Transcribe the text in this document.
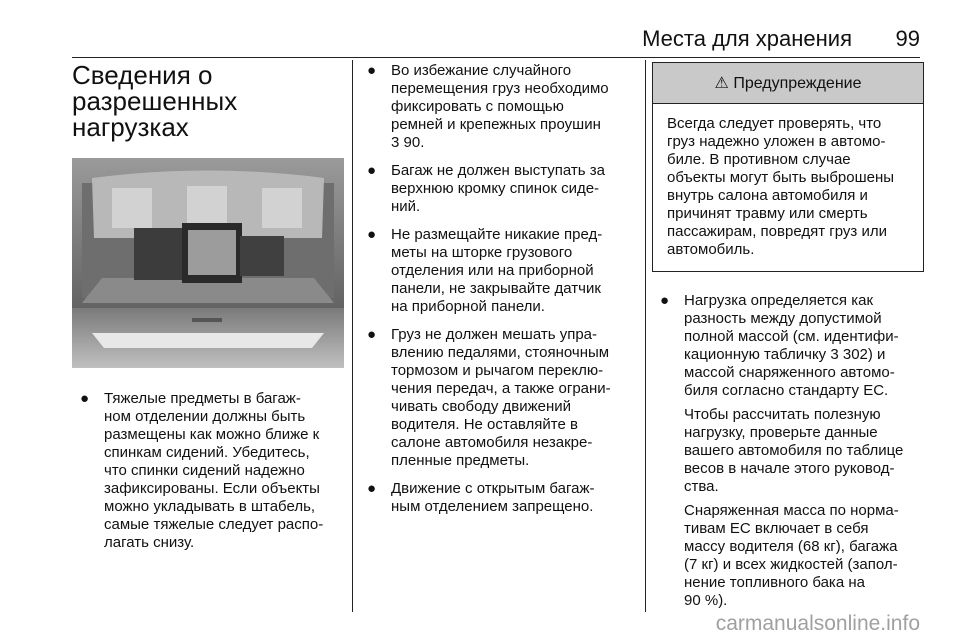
Места для хранения 99
Сведения о
разрешенных
нагрузках
● Тяжелые предметы в багаж-
ном отделении должны быть
размещены как можно ближе к
спинкам сидений. Убедитесь,
что спинки сидений надежно
зафиксированы. Если объекты
можно укладывать в штабель,
самые тяжелые следует распо-
лагать снизу.
● Во избежание случайного
перемещения груз необходимо
фиксировать с помощью
ремней и крепежных проушин
3 90.
● Багаж не должен выступать за
верхнюю кромку спинок сиде-
ний.
● Не размещайте никакие пред-
меты на шторке грузового
отделения или на приборной
панели, не закрывайте датчик
на приборной панели.
● Груз не должен мешать упра-
влению педалями, стояночным
тормозом и рычагом переклю-
чения передач, а также ограни-
чивать свободу движений
водителя. Не оставляйте в
салоне автомобиля незакре-
пленные предметы.
● Движение с открытым багаж-
ным отделением запрещено.
⚠ Предупреждение
Всегда следует проверять, что
груз надежно уложен в автомо-
биле. В противном случае
объекты могут быть выброшены
внутрь салона автомобиля и
причинят травму или смерть
пассажирам, повредят груз или
автомобиль.
● Нагрузка определяется как
разность между допустимой
полной массой (см. идентифи-
кационную табличку 3 302) и
массой снаряженного автомо-
биля согласно стандарту ЕС.
Чтобы рассчитать полезную
нагрузку, проверьте данные
вашего автомобиля по таблице
весов в начале этого руковод-
ства.
Снаряженная масса по норма-
тивам ЕС включает в себя
массу водителя (68 кг), багажа
(7 кг) и всех жидкостей (запол-
нение топливного бака на
90 %).
carmanualsonline.info
